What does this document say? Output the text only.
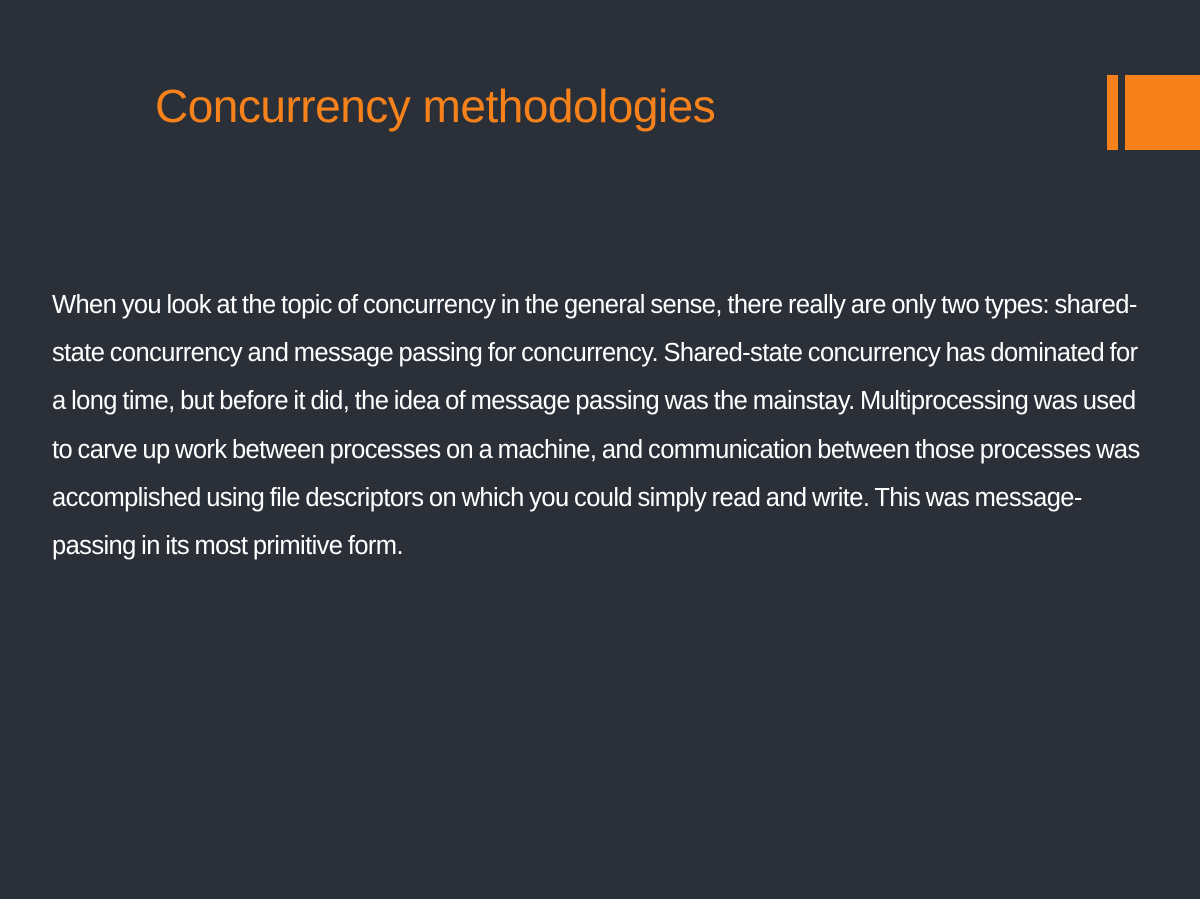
Concurrency methodologies

When you look at the topic of concurrency in the general sense, there really are only two types: shared-state concurrency and message passing for concurrency. Shared-state concurrency has dominated for a long time, but before it did, the idea of message passing was the mainstay. Multiprocessing was used to carve up work between processes on a machine, and communication between those processes was accomplished using file descriptors on which you could simply read and write. This was message-passing in its most primitive form.
